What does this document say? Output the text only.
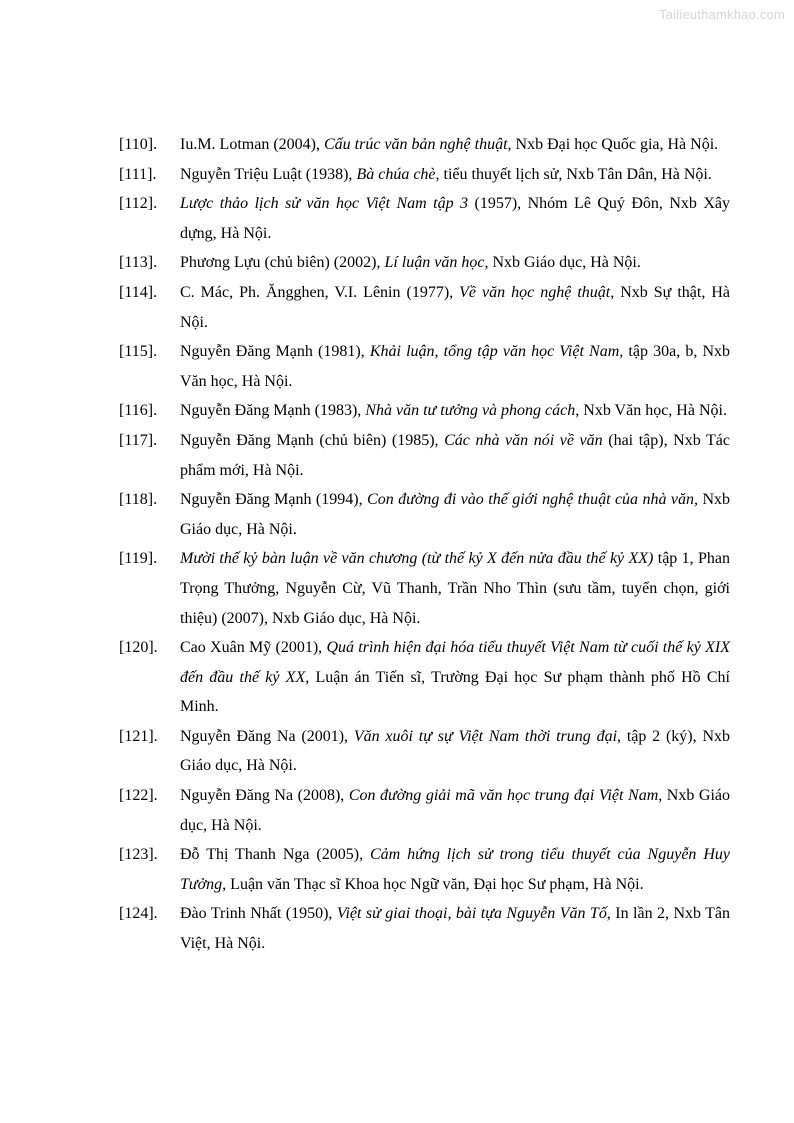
Tailieuthamkhao.com
[110].	Iu.M. Lotman (2004), Cấu trúc văn bản nghệ thuật, Nxb Đại học Quốc gia, Hà Nội.
[111].	Nguyễn Triệu Luật (1938), Bà chúa chè, tiểu thuyết lịch sử, Nxb Tân Dân, Hà Nội.
[112].	Lược thảo lịch sử văn học Việt Nam tập 3 (1957), Nhóm Lê Quý Đôn, Nxb Xây dựng, Hà Nội.
[113].	Phương Lựu (chủ biên) (2002), Lí luận văn học, Nxb Giáo dục, Hà Nội.
[114].	C. Mác, Ph. Ăngghen, V.I. Lênin (1977), Về văn học nghệ thuật, Nxb Sự thật, Hà Nội.
[115].	Nguyễn Đăng Mạnh (1981), Khải luận, tổng tập văn học Việt Nam, tập 30a, b, Nxb Văn học, Hà Nội.
[116].	Nguyễn Đăng Mạnh (1983), Nhà văn tư tưởng và phong cách, Nxb Văn học, Hà Nội.
[117].	Nguyễn Đăng Mạnh (chủ biên) (1985), Các nhà văn nói về văn (hai tập), Nxb Tác phẩm mới, Hà Nội.
[118].	Nguyễn Đăng Mạnh (1994), Con đường đi vào thế giới nghệ thuật của nhà văn, Nxb Giáo dục, Hà Nội.
[119].	Mười thế kỷ bàn luận về văn chương (từ thế kỷ X đến nửa đầu thế kỷ XX) tập 1, Phan Trọng Thưởng, Nguyễn Cừ, Vũ Thanh, Trần Nho Thìn (sưu tầm, tuyển chọn, giới thiệu) (2007), Nxb Giáo dục, Hà Nội.
[120].	Cao Xuân Mỹ (2001), Quá trình hiện đại hóa tiểu thuyết Việt Nam từ cuối thế kỷ XIX đến đầu thế kỷ XX, Luận án Tiến sĩ, Trường Đại học Sư phạm thành phố Hồ Chí Minh.
[121].	Nguyễn Đăng Na (2001), Văn xuôi tự sự Việt Nam thời trung đại, tập 2 (ký), Nxb Giáo dục, Hà Nội.
[122].	Nguyễn Đăng Na (2008), Con đường giải mã văn học trung đại Việt Nam, Nxb Giáo dục, Hà Nội.
[123].	Đỗ Thị Thanh Nga (2005), Cảm hứng lịch sử trong tiểu thuyết của Nguyễn Huy Tưởng, Luận văn Thạc sĩ Khoa học Ngữ văn, Đại học Sư phạm, Hà Nội.
[124].	Đào Trinh Nhất (1950), Việt sử giai thoại, bài tựa Nguyễn Văn Tố, In lần 2, Nxb Tân Việt, Hà Nội.
